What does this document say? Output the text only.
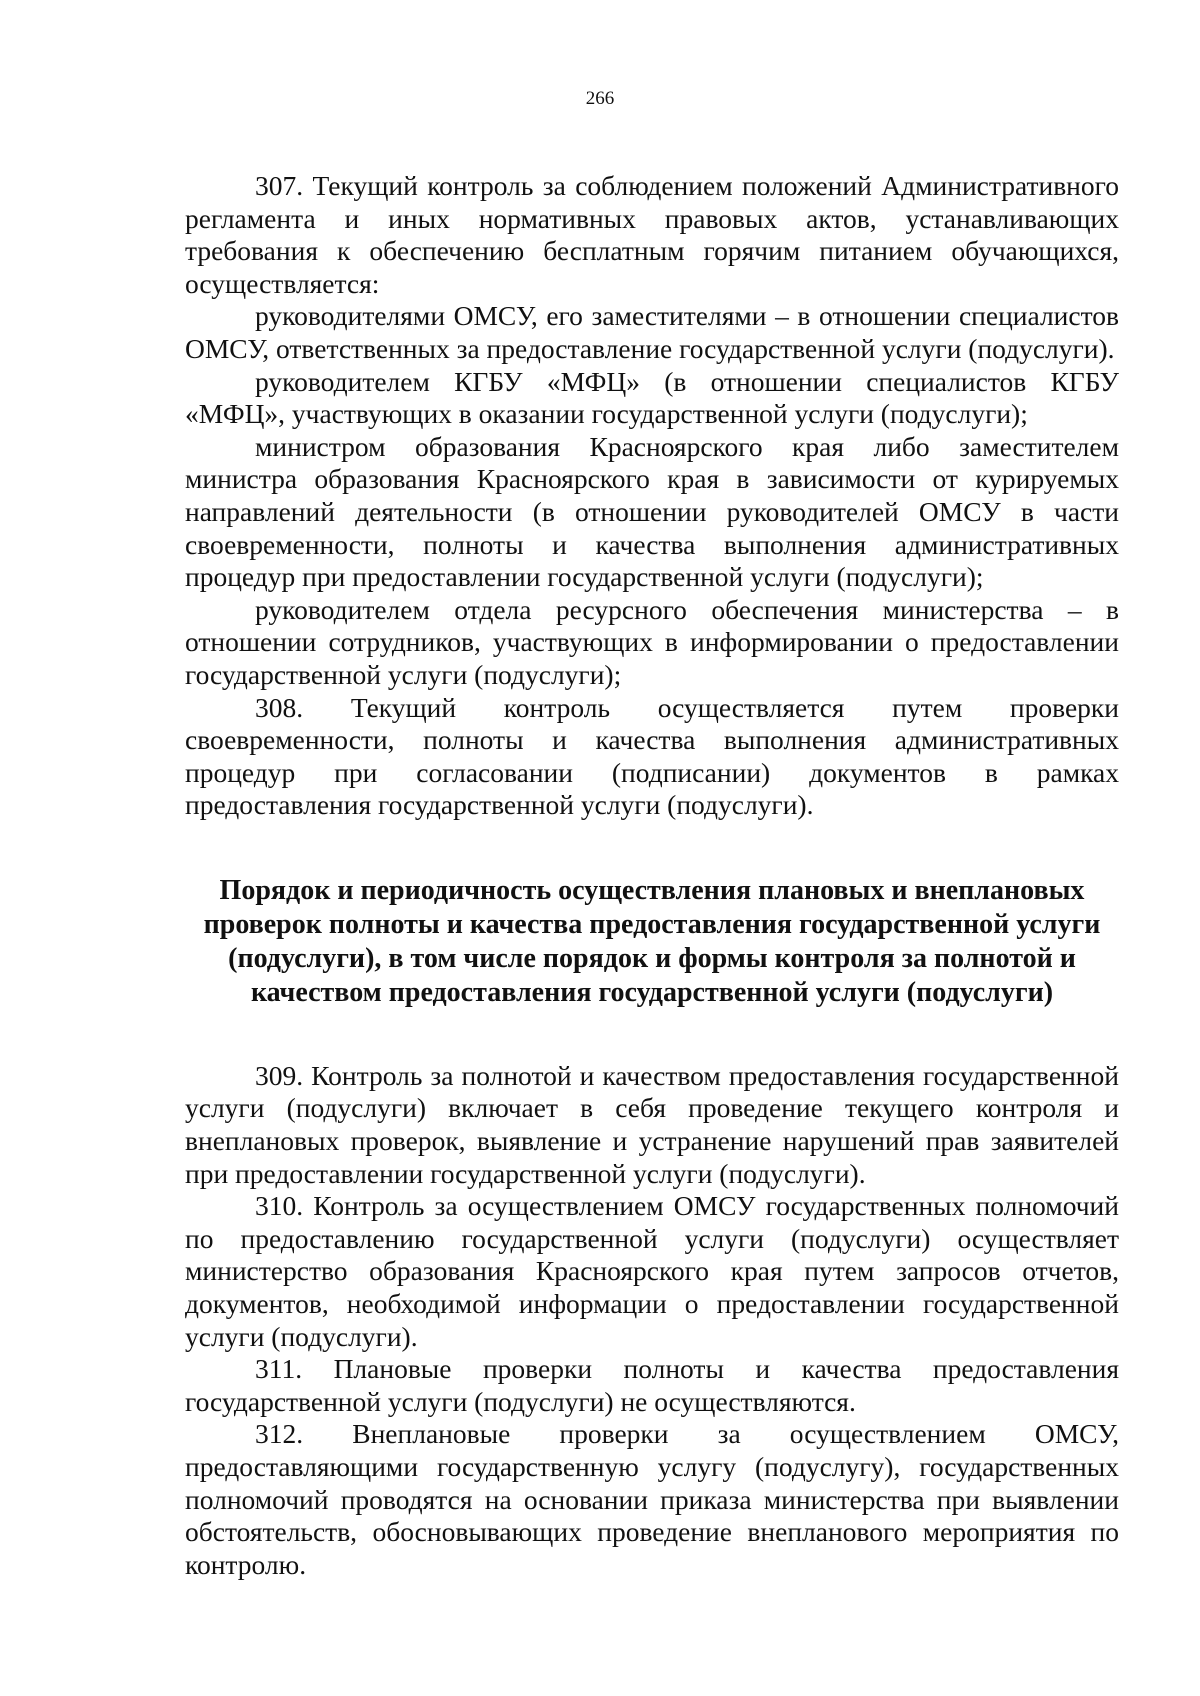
266

307. Текущий контроль за соблюдением положений Административного регламента и иных нормативных правовых актов, устанавливающих требования к обеспечению бесплатным горячим питанием обучающихся, осуществляется:

руководителями ОМСУ, его заместителями – в отношении специалистов ОМСУ, ответственных за предоставление государственной услуги (подуслуги).

руководителем КГБУ «МФЦ» (в отношении специалистов КГБУ «МФЦ», участвующих в оказании государственной услуги (подуслуги);

министром образования Красноярского края либо заместителем министра образования Красноярского края в зависимости от курируемых направлений деятельности (в отношении руководителей ОМСУ в части своевременности, полноты и качества выполнения административных процедур при предоставлении государственной услуги (подуслуги);

руководителем отдела ресурсного обеспечения министерства – в отношении сотрудников, участвующих в информировании о предоставлении государственной услуги (подуслуги);

308. Текущий контроль осуществляется путем проверки своевременности, полноты и качества выполнения административных процедур при согласовании (подписании) документов в рамках предоставления государственной услуги (подуслуги).

Порядок и периодичность осуществления плановых и внеплановых проверок полноты и качества предоставления государственной услуги (подуслуги), в том числе порядок и формы контроля за полнотой и качеством предоставления государственной услуги (подуслуги)

309. Контроль за полнотой и качеством предоставления государственной услуги (подуслуги) включает в себя проведение текущего контроля и внеплановых проверок, выявление и устранение нарушений прав заявителей при предоставлении государственной услуги (подуслуги).

310. Контроль за осуществлением ОМСУ государственных полномочий по предоставлению государственной услуги (подуслуги) осуществляет министерство образования Красноярского края путем запросов отчетов, документов, необходимой информации о предоставлении государственной услуги (подуслуги).

311. Плановые проверки полноты и качества предоставления государственной услуги (подуслуги) не осуществляются.

312. Внеплановые проверки за осуществлением ОМСУ, предоставляющими государственную услугу (подуслугу), государственных полномочий проводятся на основании приказа министерства при выявлении обстоятельств, обосновывающих проведение внепланового мероприятия по контролю.
